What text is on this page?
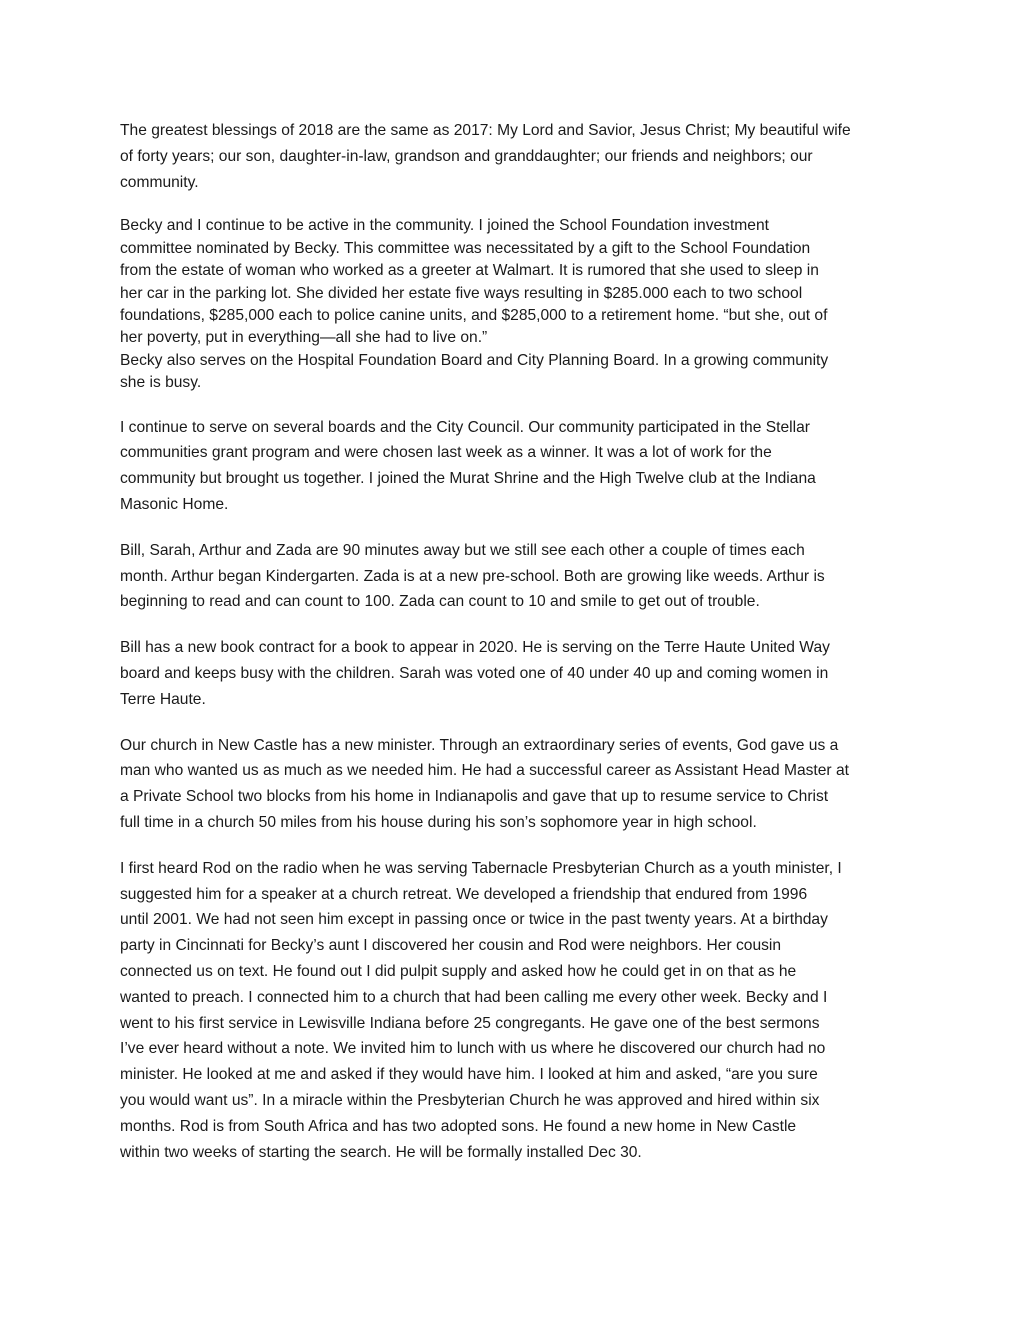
The greatest blessings of 2018 are the same as 2017: My Lord and Savior, Jesus Christ; My beautiful wife
of forty years; our son, daughter-in-law, grandson and granddaughter; our friends and neighbors; our
community.

Becky and I continue to be active in the community. I joined the School Foundation investment
committee nominated by Becky. This committee was necessitated by a gift to the School Foundation
from the estate of woman who worked as a greeter at Walmart. It is rumored that she used to sleep in
her car in the parking lot. She divided her estate five ways resulting in $285.000 each to two school
foundations, $285,000 each to police canine units, and $285,000 to a retirement home. “but she, out of
her poverty, put in everything—all she had to live on.”

Becky also serves on the Hospital Foundation Board and City Planning Board. In a growing community
she is busy.

I continue to serve on several boards and the City Council. Our community participated in the Stellar
communities grant program and were chosen last week as a winner. It was a lot of work for the
community but brought us together. I joined the Murat Shrine and the High Twelve club at the Indiana
Masonic Home.

Bill, Sarah, Arthur and Zada are 90 minutes away but we still see each other a couple of times each
month. Arthur began Kindergarten. Zada is at a new pre-school. Both are growing like weeds. Arthur is
beginning to read and can count to 100. Zada can count to 10 and smile to get out of trouble.

Bill has a new book contract for a book to appear in 2020. He is serving on the Terre Haute United Way
board and keeps busy with the children. Sarah was voted one of 40 under 40 up and coming women in
Terre Haute.

Our church in New Castle has a new minister. Through an extraordinary series of events, God gave us a
man who wanted us as much as we needed him. He had a successful career as Assistant Head Master at
a Private School two blocks from his home in Indianapolis and gave that up to resume service to Christ
full time in a church 50 miles from his house during his son’s sophomore year in high school.

I first heard Rod on the radio when he was serving Tabernacle Presbyterian Church as a youth minister, I
suggested him for a speaker at a church retreat. We developed a friendship that endured from 1996
until 2001. We had not seen him except in passing once or twice in the past twenty years. At a birthday
party in Cincinnati for Becky’s aunt I discovered her cousin and Rod were neighbors. Her cousin
connected us on text. He found out I did pulpit supply and asked how he could get in on that as he
wanted to preach. I connected him to a church that had been calling me every other week. Becky and I
went to his first service in Lewisville Indiana before 25 congregants. He gave one of the best sermons
I’ve ever heard without a note. We invited him to lunch with us where he discovered our church had no
minister. He looked at me and asked if they would have him. I looked at him and asked, “are you sure
you would want us”. In a miracle within the Presbyterian Church he was approved and hired within six
months. Rod is from South Africa and has two adopted sons. He found a new home in New Castle
within two weeks of starting the search. He will be formally installed Dec 30.
